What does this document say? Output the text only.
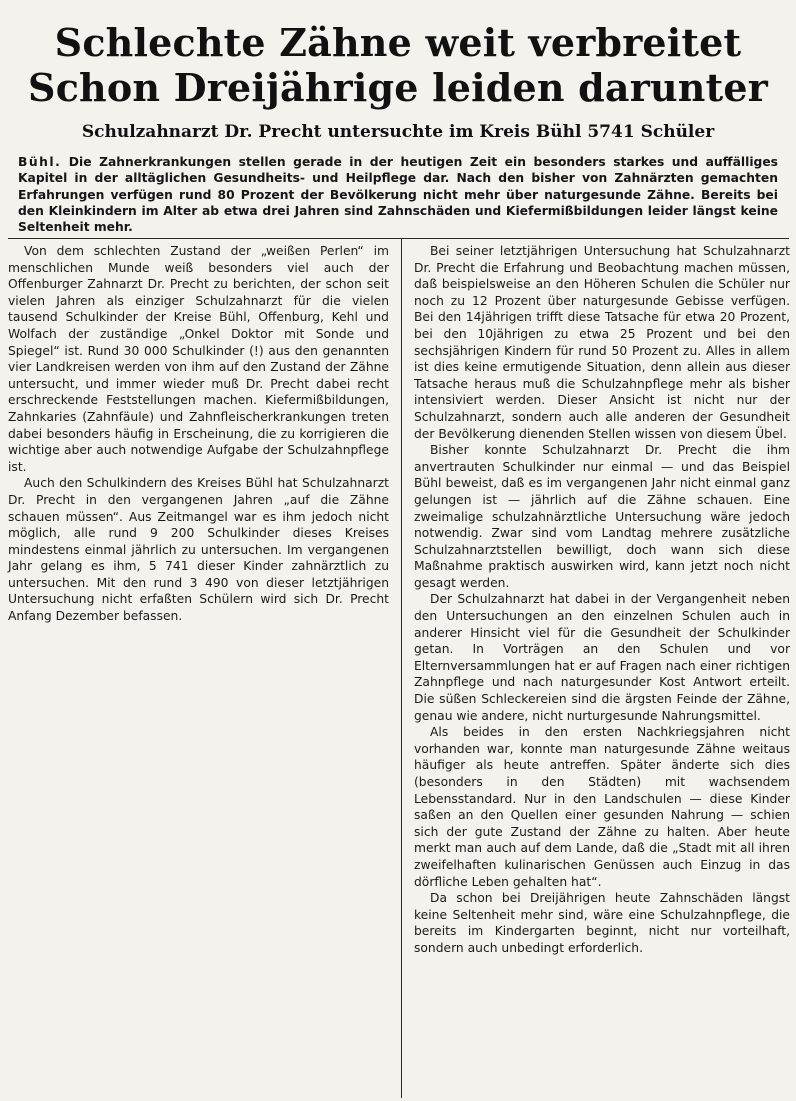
Schlechte Zähne weit verbreitet
Schon Dreijährige leiden darunter
Schulzahnarzt Dr. Precht untersuchte im Kreis Bühl 5741 Schüler
Bühl. Die Zahnerkrankungen stellen gerade in der heutigen Zeit ein besonders starkes und auffälliges Kapitel in der alltäglichen Gesundheits- und Heilpflege dar. Nach den bisher von Zahnärzten gemachten Erfahrungen verfügen rund 80 Prozent der Bevölkerung nicht mehr über naturgesunde Zähne. Bereits bei den Kleinkindern im Alter ab etwa drei Jahren sind Zahnschäden und Kiefermißbildungen leider längst keine Seltenheit mehr.

Von dem schlechten Zustand der „weißen Perlen“ im menschlichen Munde weiß besonders viel auch der Offenburger Zahnarzt Dr. Precht zu berichten, der schon seit vielen Jahren als einziger Schulzahnarzt für die vielen tausend Schulkinder der Kreise Bühl, Offenburg, Kehl und Wolfach der zuständige „Onkel Doktor mit Sonde und Spiegel“ ist. Rund 30 000 Schulkinder (!) aus den genannten vier Landkreisen werden von ihm auf den Zustand der Zähne untersucht, und immer wieder muß Dr. Precht dabei recht erschreckende Feststellungen machen. Kiefermißbildungen, Zahnkaries (Zahnfäule) und Zahnfleischerkrankungen treten dabei besonders häufig in Erscheinung, die zu korrigieren die wichtige aber auch notwendige Aufgabe der Schulzahnpflege ist.

Auch den Schulkindern des Kreises Bühl hat Schulzahnarzt Dr. Precht in den vergangenen Jahren „auf die Zähne schauen müssen“. Aus Zeitmangel war es ihm jedoch nicht möglich, alle rund 9 200 Schulkinder dieses Kreises mindestens einmal jährlich zu untersuchen. Im vergangenen Jahr gelang es ihm, 5 741 dieser Kinder zahnärztlich zu untersuchen. Mit den rund 3 490 von dieser letztjährigen Untersuchung nicht erfaßten Schülern wird sich Dr. Precht Anfang Dezember befassen.

Bei seiner letztjährigen Untersuchung hat Schulzahnarzt Dr. Precht die Erfahrung und Beobachtung machen müssen, daß beispielsweise an den Höheren Schulen die Schüler nur noch zu 12 Prozent über naturgesunde Gebisse verfügen. Bei den 14jährigen trifft diese Tatsache für etwa 20 Prozent, bei den 10jährigen zu etwa 25 Prozent und bei den sechsjährigen Kindern für rund 50 Prozent zu. Alles in allem ist dies keine ermutigende Situation, denn allein aus dieser Tatsache heraus muß die Schulzahnpflege mehr als bisher intensiviert werden. Dieser Ansicht ist nicht nur der Schulzahnarzt, sondern auch alle anderen der Gesundheit der Bevölkerung dienenden Stellen wissen von diesem Übel.

Bisher konnte Schulzahnarzt Dr. Precht die ihm anvertrauten Schulkinder nur einmal — und das Beispiel Bühl beweist, daß es im vergangenen Jahr nicht einmal ganz gelungen ist — jährlich auf die Zähne schauen. Eine zweimalige schulzahnärztliche Untersuchung wäre jedoch notwendig. Zwar sind vom Landtag mehrere zusätzliche Schulzahnarztstellen bewilligt, doch wann sich diese Maßnahme praktisch auswirken wird, kann jetzt noch nicht gesagt werden.

Der Schulzahnarzt hat dabei in der Vergangenheit neben den Untersuchungen an den einzelnen Schulen auch in anderer Hinsicht viel für die Gesundheit der Schulkinder getan. In Vorträgen an den Schulen und vor Elternversammlungen hat er auf Fragen nach einer richtigen Zahnpflege und nach naturgesunder Kost Antwort erteilt. Die süßen Schleckereien sind die ärgsten Feinde der Zähne, genau wie andere, nicht nurturgesunde Nahrungsmittel.

Als beides in den ersten Nachkriegsjahren nicht vorhanden war, konnte man naturgesunde Zähne weitaus häufiger als heute antreffen. Später änderte sich dies (besonders in den Städten) mit wachsendem Lebensstandard. Nur in den Landschulen — diese Kinder saßen an den Quellen einer gesunden Nahrung — schien sich der gute Zustand der Zähne zu halten. Aber heute merkt man auch auf dem Lande, daß die „Stadt mit all ihren zweifelhaften kulinarischen Genüssen auch Einzug in das dörfliche Leben gehalten hat“.

Da schon bei Dreijährigen heute Zahnschäden längst keine Seltenheit mehr sind, wäre eine Schulzahnpflege, die bereits im Kindergarten beginnt, nicht nur vorteilhaft, sondern auch unbedingt erforderlich.
